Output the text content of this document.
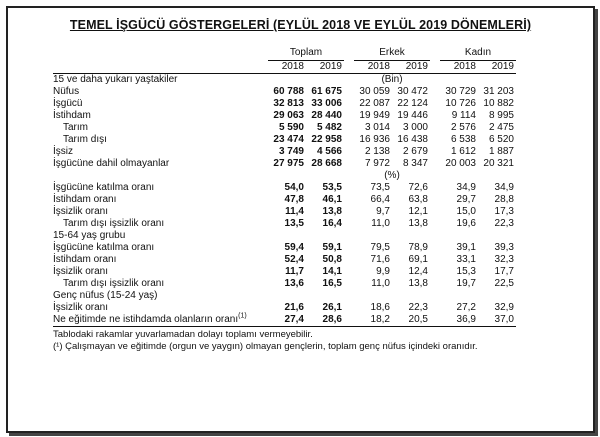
TEMEL İŞGÜCÜ GÖSTERGELERİ (EYLÜL 2018 VE EYLÜL 2019 DÖNEMLERİ)
	Toplam			Erkek			Kadın	
	2018	2019		2018	2019		2018	2019
15 ve daha yukarı yaştakiler	(Bin)							
Nüfus	60 788	61 675		30 059	30 472		30 729	31 203
İşgücü	32 813	33 006		22 087	22 124		10 726	10 882
İstihdam	29 063	28 440		19 949	19 446		9 114	8 995
Tarım	5 590	5 482		3 014	3 000		2 576	2 475
Tarım dışı	23 474	22 958		16 936	16 438		6 538	6 520
İşsiz	3 749	4 566		2 138	2 679		1 612	1 887
İşgücüne dahil olmayanlar	27 975	28 668		7 972	8 347		20 003	20 321
	(%)							
İşgücüne katılma oranı	54,0	53,5		73,5	72,6		34,9	34,9
İstihdam oranı	47,8	46,1		66,4	63,8		29,7	28,8
İşsizlik oranı	11,4	13,8		9,7	12,1		15,0	17,3
Tarım dışı işsizlik oranı	13,5	16,4		11,0	13,8		19,6	22,3
15-64 yaş grubu								
İşgücüne katılma oranı	59,4	59,1		79,5	78,9		39,1	39,3
İstihdam oranı	52,4	50,8		71,6	69,1		33,1	32,3
İşsizlik oranı	11,7	14,1		9,9	12,4		15,3	17,7
Tarım dışı işsizlik oranı	13,6	16,5		11,0	13,8		19,7	22,5
Genç nüfus (15-24 yaş)								
İşsizlik oranı	21,6	26,1		18,6	22,3		27,2	32,9
Ne eğitimde ne istihdamda olanların oranı$^{(1)}$	27,4	28,6		18,2	20,5		36,9	37,0
Tablodaki rakamlar yuvarlamadan dolayı toplamı vermeyebilir.								
(¹) Çalışmayan ve eğitimde (orgun ve yaygın) olmayan gençlerin, toplam genç nüfus içindeki oranıdır.								
